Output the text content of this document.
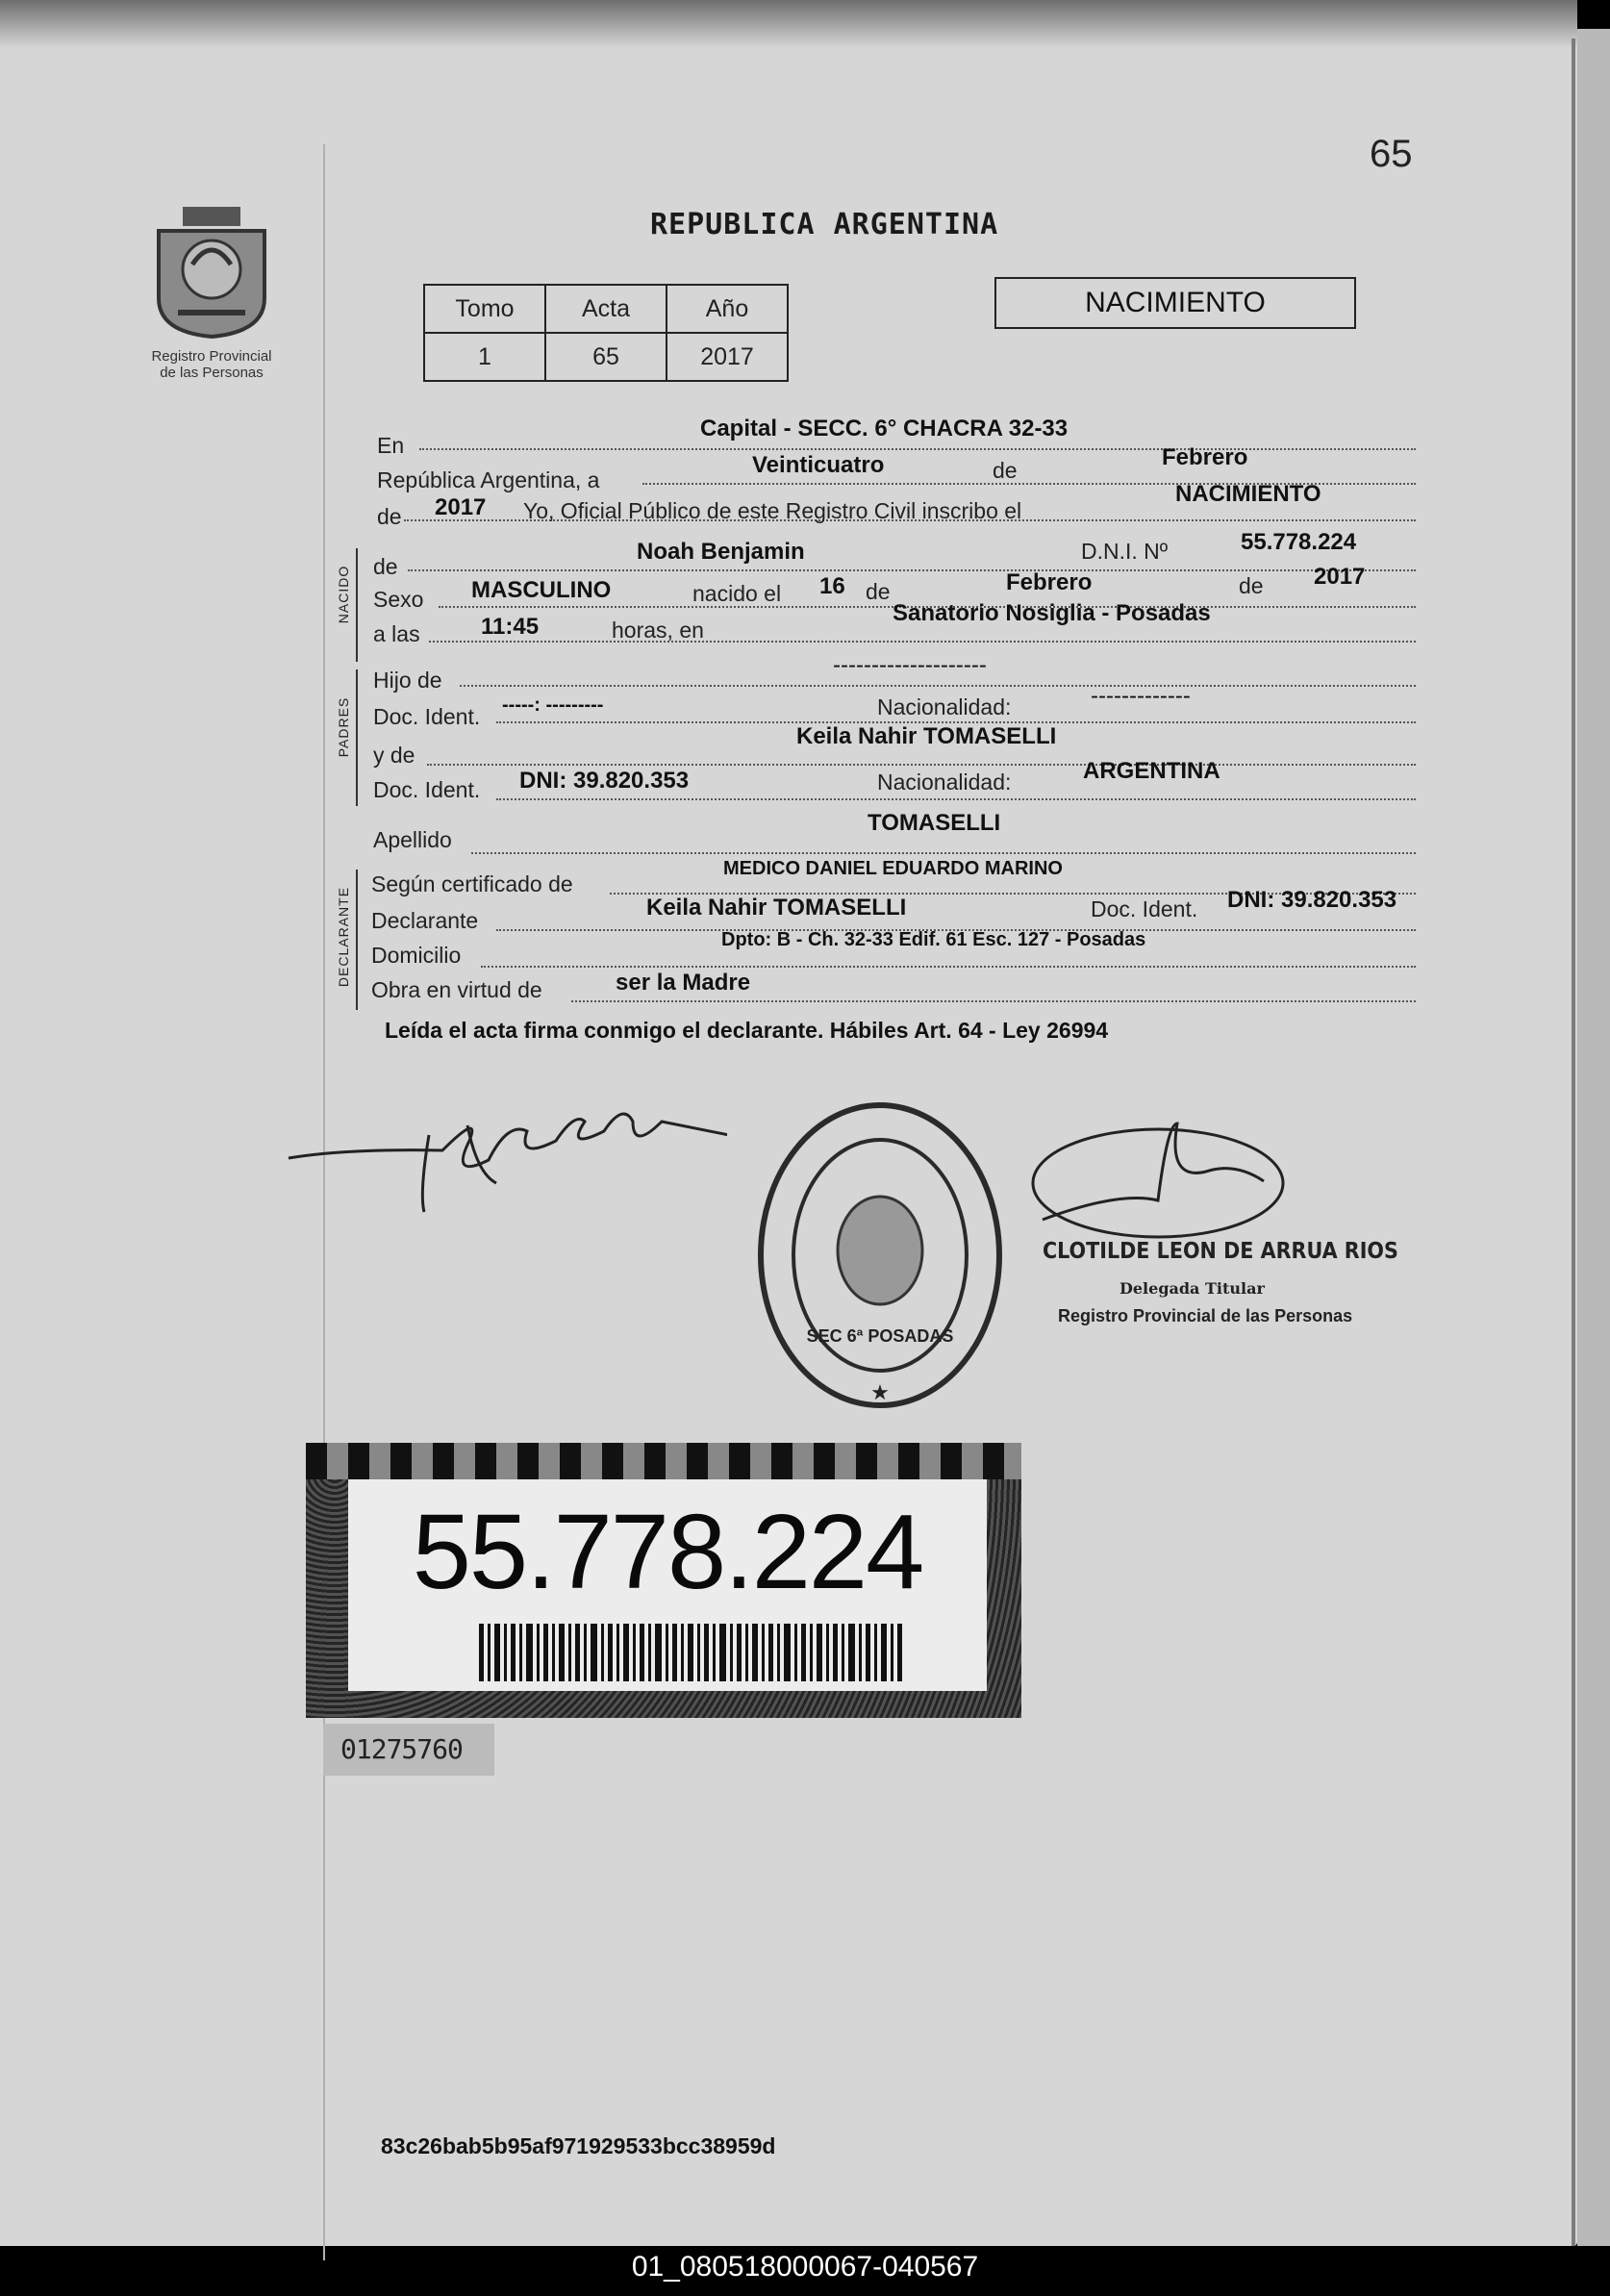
65
Registro Provincial
de las Personas
REPUBLICA ARGENTINA
Tomo	Acta	Año
1	65	2017
NACIMIENTO
En
Capital - SECC. 6° CHACRA 32-33
República Argentina, a
Veinticuatro	de	Febrero
de 2017 Yo, Oficial Público de este Registro Civil inscribo el
NACIMIENTO
NACIDO de
Noah Benjamin	D.N.I. Nº	55.778.224
Sexo MASCULINO	nacido el 16 de	Febrero	de 2017
a las	11:45	horas, en
Sanatorio Nosiglia - Posadas
PADRES
Hijo de
--------------------
Doc. Ident. -----: ---------	Nacionalidad:	-------------
y de
Keila Nahir TOMASELLI
Doc. Ident. DNI: 39.820.353	Nacionalidad:	ARGENTINA
Apellido
TOMASELLI
DECLARANTE
Según certificado de
MEDICO DANIEL EDUARDO MARINO
Declarante	Keila Nahir TOMASELLI	Doc. Ident. DNI: 39.820.353
Domicilio
Dpto: B - Ch. 32-33 Edif. 61 Esc. 127 - Posadas
Obra en virtud de	ser la Madre
Leída el acta firma conmigo el declarante. Hábiles Art. 64 - Ley 26994
SEC 6ª POSADAS
★
CLOTILDE LEON DE ARRUA RIOS
Delegada Titular
Registro Provincial de las Personas
55.778.224
01275760
83c26bab5b95af971929533bcc38959d
01_080518000067-040567
